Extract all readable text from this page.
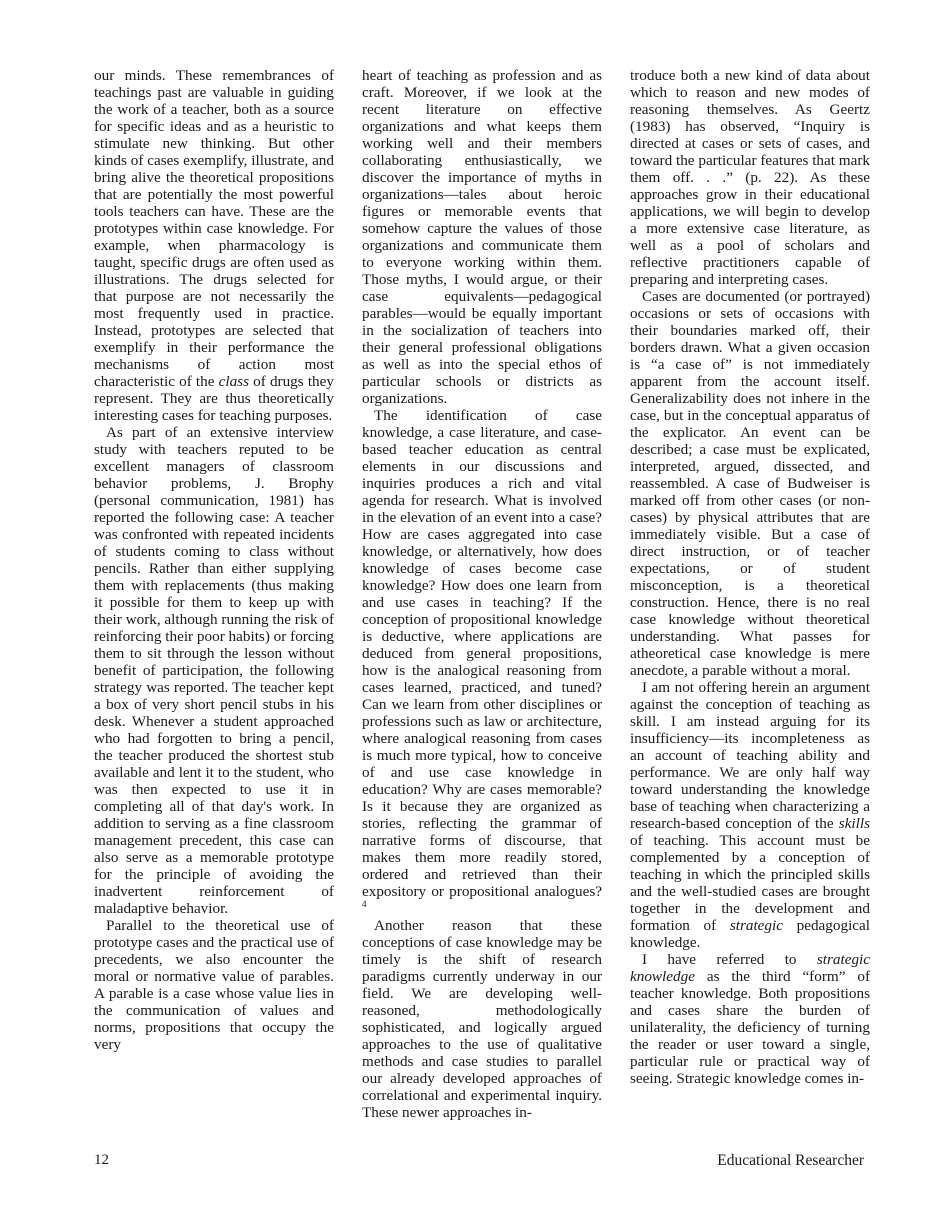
our minds. These remembrances of teachings past are valuable in guiding the work of a teacher, both as a source for specific ideas and as a heuristic to stimulate new thinking. But other kinds of cases exemplify, illustrate, and bring alive the theoretical propositions that are potentially the most powerful tools teachers can have. These are the prototypes within case knowledge. For example, when pharmacology is taught, specific drugs are often used as illustrations. The drugs selected for that purpose are not necessarily the most frequently used in practice. Instead, prototypes are selected that exemplify in their performance the mechanisms of action most characteristic of the class of drugs they represent. They are thus theoretically interesting cases for teaching purposes.

As part of an extensive interview study with teachers reputed to be excellent managers of classroom behavior problems, J. Brophy (personal communication, 1981) has reported the following case: A teacher was confronted with repeated incidents of students coming to class without pencils. Rather than either supplying them with replacements (thus making it possible for them to keep up with their work, although running the risk of reinforcing their poor habits) or forcing them to sit through the lesson without benefit of participation, the following strategy was reported. The teacher kept a box of very short pencil stubs in his desk. Whenever a student approached who had forgotten to bring a pencil, the teacher produced the shortest stub available and lent it to the student, who was then expected to use it in completing all of that day's work. In addition to serving as a fine classroom management precedent, this case can also serve as a memorable prototype for the principle of avoiding the inadvertent reinforcement of maladaptive behavior.

Parallel to the theoretical use of prototype cases and the practical use of precedents, we also encounter the moral or normative value of parables. A parable is a case whose value lies in the communication of values and norms, propositions that occupy the very

heart of teaching as profession and as craft. Moreover, if we look at the recent literature on effective organizations and what keeps them working well and their members collaborating enthusiastically, we discover the importance of myths in organizations—tales about heroic figures or memorable events that somehow capture the values of those organizations and communicate them to everyone working within them. Those myths, I would argue, or their case equivalents—pedagogical parables—would be equally important in the socialization of teachers into their general professional obligations as well as into the special ethos of particular schools or districts as organizations.

The identification of case knowledge, a case literature, and case-based teacher education as central elements in our discussions and inquiries produces a rich and vital agenda for research. What is involved in the elevation of an event into a case? How are cases aggregated into case knowledge, or alternatively, how does knowledge of cases become case knowledge? How does one learn from and use cases in teaching? If the conception of propositional knowledge is deductive, where applications are deduced from general propositions, how is the analogical reasoning from cases learned, practiced, and tuned? Can we learn from other disciplines or professions such as law or architecture, where analogical reasoning from cases is much more typical, how to conceive of and use case knowledge in education? Why are cases memorable? Is it because they are organized as stories, reflecting the grammar of narrative forms of discourse, that makes them more readily stored, ordered and retrieved than their expository or propositional analogues?$^4$

Another reason that these conceptions of case knowledge may be timely is the shift of research paradigms currently underway in our field. We are developing well-reasoned, methodologically sophisticated, and logically argued approaches to the use of qualitative methods and case studies to parallel our already developed approaches of correlational and experimental inquiry. These newer approaches in-

troduce both a new kind of data about which to reason and new modes of reasoning themselves. As Geertz (1983) has observed, “Inquiry is directed at cases or sets of cases, and toward the particular features that mark them off. . .” (p. 22). As these approaches grow in their educational applications, we will begin to develop a more extensive case literature, as well as a pool of scholars and reflective practitioners capable of preparing and interpreting cases.

Cases are documented (or portrayed) occasions or sets of occasions with their boundaries marked off, their borders drawn. What a given occasion is “a case of” is not immediately apparent from the account itself. Generalizability does not inhere in the case, but in the conceptual apparatus of the explicator. An event can be described; a case must be explicated, interpreted, argued, dissected, and reassembled. A case of Budweiser is marked off from other cases (or non-cases) by physical attributes that are immediately visible. But a case of direct instruction, or of teacher expectations, or of student misconception, is a theoretical construction. Hence, there is no real case knowledge without theoretical understanding. What passes for atheoretical case knowledge is mere anecdote, a parable without a moral.

I am not offering herein an argument against the conception of teaching as skill. I am instead arguing for its insufficiency—its incompleteness as an account of teaching ability and performance. We are only half way toward understanding the knowledge base of teaching when characterizing a research-based conception of the skills of teaching. This account must be complemented by a conception of teaching in which the principled skills and the well-studied cases are brought together in the development and formation of strategic pedagogical knowledge.

I have referred to strategic knowledge as the third “form” of teacher knowledge. Both propositions and cases share the burden of unilaterality, the deficiency of turning the reader or user toward a single, particular rule or practical way of seeing. Strategic knowledge comes in-

12	Educational Researcher
